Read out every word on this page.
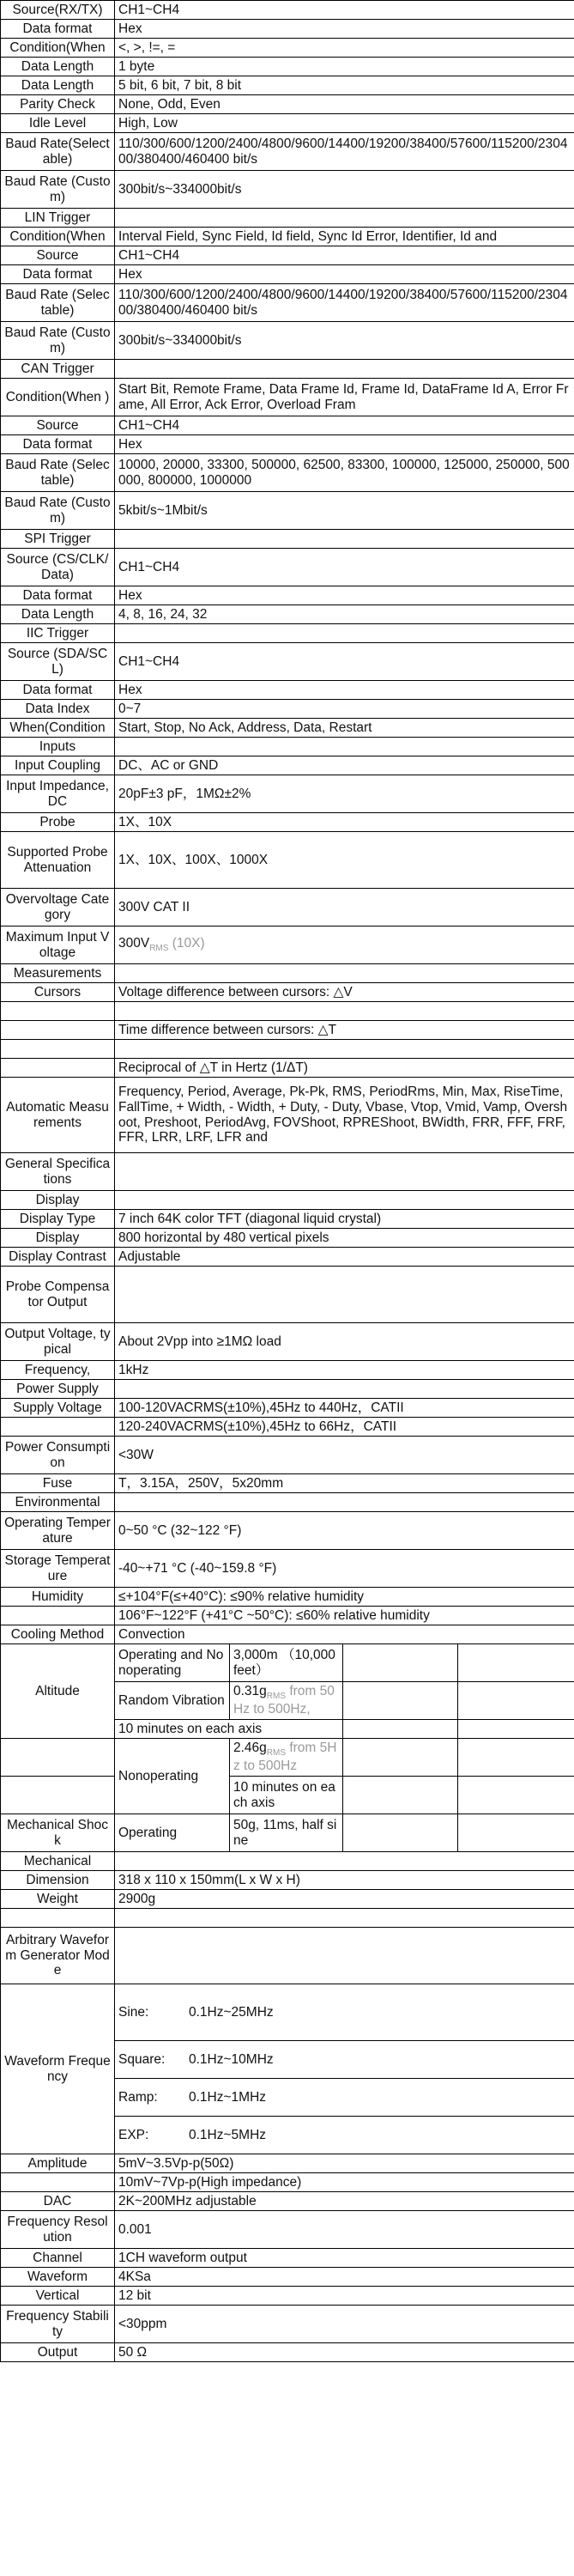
Source(RX/TX)	CH1~CH4			
Data format	Hex			
Condition(When	<, >, !=, =			
Data Length	1 byte			
Data Length	5 bit, 6 bit, 7 bit, 8 bit			
Parity Check	None, Odd, Even			
Idle Level	High, Low			
Baud Rate(Selectable)	110/300/600/1200/2400/4800/9600/14400/19200/38400/57600/115200/230400/380400/460400 bit/s			
Baud Rate (Custom)	300bit/s~334000bit/s			
LIN Trigger				
Condition(When	Interval Field, Sync Field, Id field, Sync Id Error, Identifier, Id and			
Source	CH1~CH4			
Data format	Hex			
Baud Rate (Selectable)	110/300/600/1200/2400/4800/9600/14400/19200/38400/57600/115200/230400/380400/460400 bit/s			
Baud Rate (Custom)	300bit/s~334000bit/s			
CAN Trigger				
Condition(When )	Start Bit, Remote Frame, Data Frame Id, Frame Id, DataFrame Id A, Error Frame, All Error, Ack Error, Overload Fram			
Source	CH1~CH4			
Data format	Hex			
Baud Rate (Selectable)	10000, 20000, 33300, 500000, 62500, 83300, 100000, 125000, 250000, 500000, 800000, 1000000			
Baud Rate (Custom)	5kbit/s~1Mbit/s			
SPI Trigger				
Source (CS/CLK/Data)	CH1~CH4			
Data format	Hex			
Data Length	4, 8, 16, 24, 32			
IIC Trigger				
Source (SDA/SCL)	CH1~CH4			
Data format	Hex			
Data Index	0~7			
When(Condition	Start, Stop, No Ack, Address, Data, Restart			
Inputs				
Input Coupling	DC、AC or GND			
Input Impedance, DC	20pF±3 pF，1MΩ±2%			
Probe	1X、10X			
Supported Probe Attenuation	1X、10X、100X、1000X			
Overvoltage Category	300V CAT II			
Maximum Input Voltage	$300V_{RMS}$ (10X)			
Measurements				
Cursors	Voltage difference between cursors: △V			

	Time difference between cursors: △T			

	Reciprocal of △T in Hertz (1/ΔT)			
Automatic Measurements	Frequency, Period, Average, Pk-Pk, RMS, PeriodRms, Min, Max, RiseTime, FallTime, + Width, - Width, + Duty, - Duty, Vbase, Vtop, Vmid, Vamp, Overshoot, Preshoot, PeriodAvg, FOVShoot, RPREShoot, BWidth, FRR, FFF, FRF, FFR, LRR, LRF, LFR and			
General Specifications				
Display				
Display Type	7 inch 64K color TFT (diagonal liquid crystal)			
Display	800 horizontal by 480 vertical pixels			
Display Contrast	Adjustable			
Probe Compensator Output				
Output Voltage, typical	About 2Vpp into ≥1MΩ load			
Frequency,	1kHz			
Power Supply				
Supply Voltage	100-120VACRMS(±10%),45Hz to 440Hz，CATII			
	120-240VACRMS(±10%),45Hz to 66Hz，CATII			
Power Consumption	<30W			
Fuse	T，3.15A，250V，5x20mm			
Environmental				
Operating Temperature	0~50 °C (32~122 °F)			
Storage Temperature	-40~+71 °C (-40~159.8 °F)			
Humidity	≤+104°F(≤+40°C): ≤90% relative humidity			
	106°F~122°F (+41°C ~50°C): ≤60% relative humidity			
Cooling Method	Convection			
Altitude	Operating and Nonoperating	3,000m （10,000 feet）		
	Random Vibration	$0.31g_{RMS}$ from 50Hz to 500Hz,		
	10 minutes on each axis			
	Nonoperating	$2.46g_{RMS}$ from 5Hz to 500Hz		
		10 minutes on each axis		
Mechanical Shock	Operating	50g, 11ms, half sine		
Mechanical				
Dimension	318 x 110 x 150mm(L x W x H)			
Weight	2900g			

Arbitrary Waveform Generator Mode				
Waveform Frequency	Sine: 0.1Hz~25MHz			
	Square: 0.1Hz~10MHz			
	Ramp: 0.1Hz~1MHz			
	EXP: 0.1Hz~5MHz			
Amplitude	5mV~3.5Vp-p(50Ω)			
	10mV~7Vp-p(High impedance)			
DAC	2K~200MHz adjustable			
Frequency Resolution	0.001			
Channel	1CH waveform output			
Waveform	4KSa			
Vertical	12 bit			
Frequency Stability	<30ppm			
Output	50 Ω			
